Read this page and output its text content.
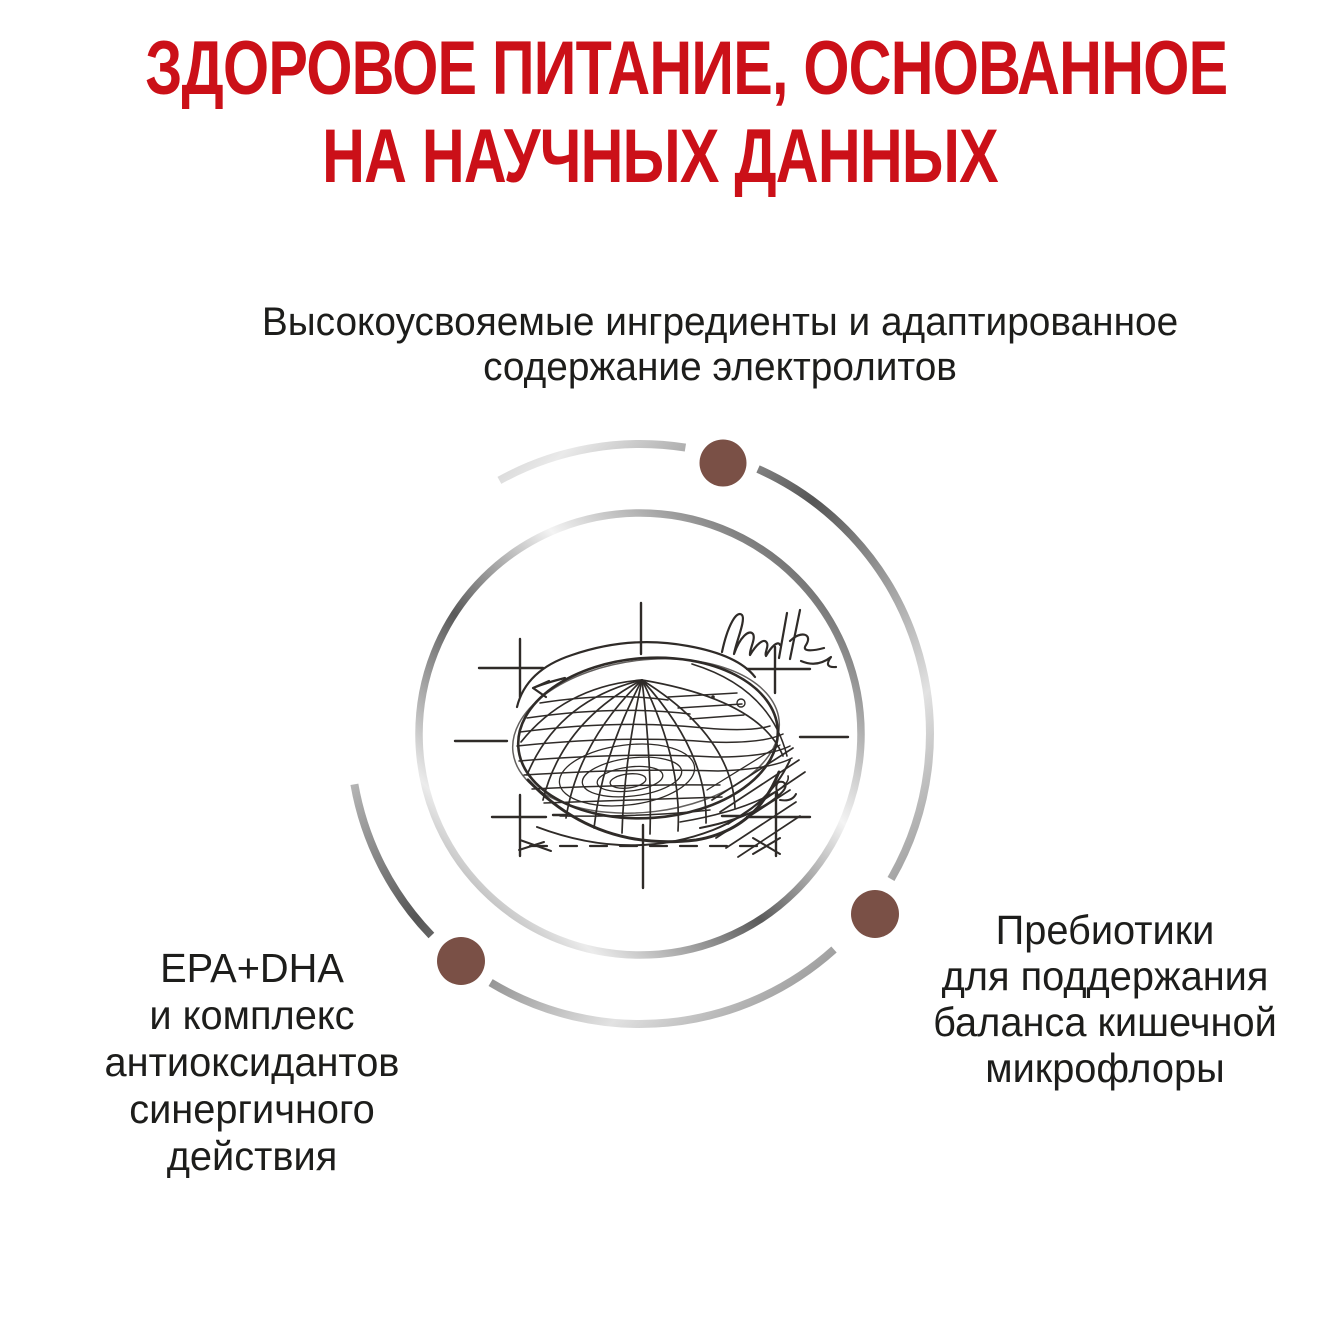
ЗДОРОВОЕ ПИТАНИЕ, ОСНОВАННОЕ
НА НАУЧНЫХ ДАННЫХ
Высокоусвояемые ингредиенты и адаптированное
содержание электролитов
EPA+DHA
и комплекс
антиоксидантов
синергичного
действия
Пребиотики
для поддержания
баланса кишечной
микрофлоры
